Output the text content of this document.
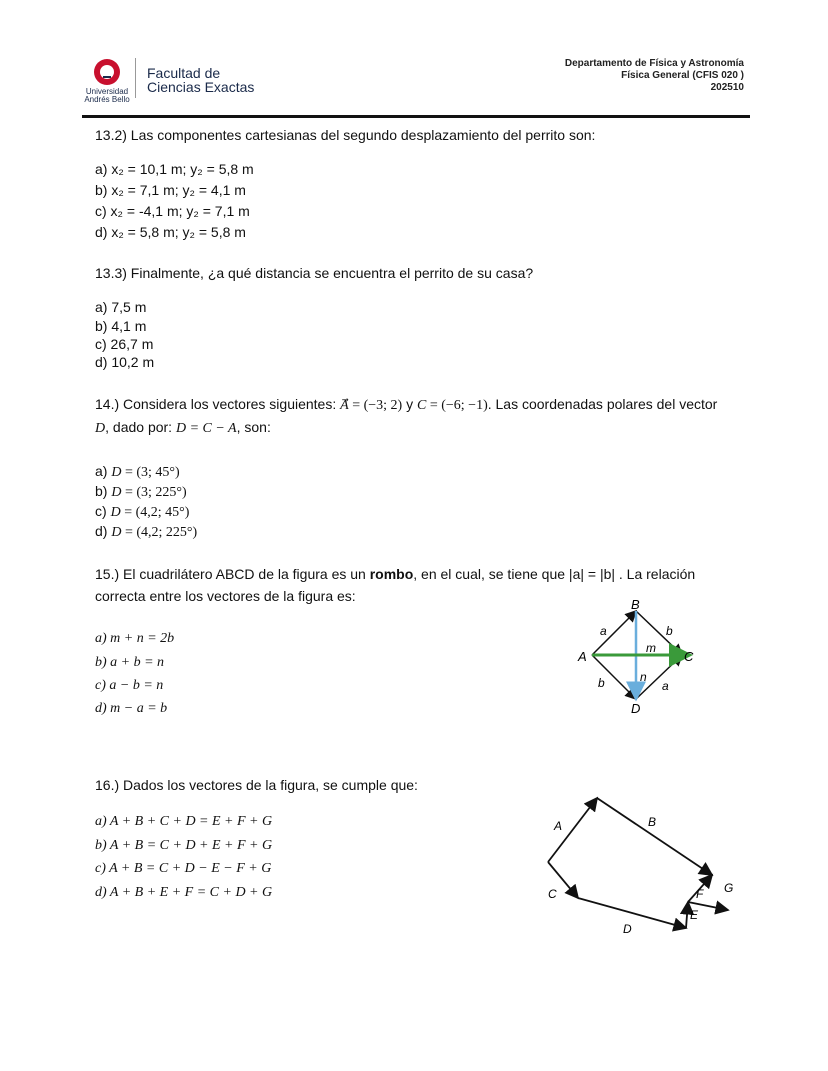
Universidad
Andrés Bello
Facultad de
Ciencias Exactas
Departamento de Física y Astronomía
Física General (CFIS 020 )
202510
13.2) Las componentes cartesianas del segundo desplazamiento del perrito son:
a) x₂ = 10,1 m; y₂ = 5,8 m
b) x₂ = 7,1 m; y₂ = 4,1 m
c) x₂ = -4,1 m; y₂ = 7,1 m
d) x₂ = 5,8 m; y₂ = 5,8 m
13.3) Finalmente, ¿a qué distancia se encuentra el perrito de su casa?
a) 7,5 m
b) 4,1 m
c) 26,7 m
d) 10,2 m
14.) Considera los vectores siguientes: A = (−3; 2) y C = (−6; −1). Las coordenadas polares del vector
D, dado por: D = C − A, son:
a) D = (3; 45°)
b) D = (3; 225°)
c) D = (4,2; 45°)
d) D = (4,2; 225°)
15.) El cuadrilátero ABCD de la figura es un rombo, en el cual, se tiene que |a| = |b| . La relación
correcta entre los vectores de la figura es:
a) m + n = 2b
b) a + b = n
c) a − b = n
d) m − a = b
B
A	C
D
a	b
b	a
m
n
16.) Dados los vectores de la figura, se cumple que:
a) A + B + C + D = E + F + G
b) A + B = C + D + E + F + G
c) A + B = C + D − E − F + G
d) A + B + E + F = C + D + G
A	B
C
D
E
F G
